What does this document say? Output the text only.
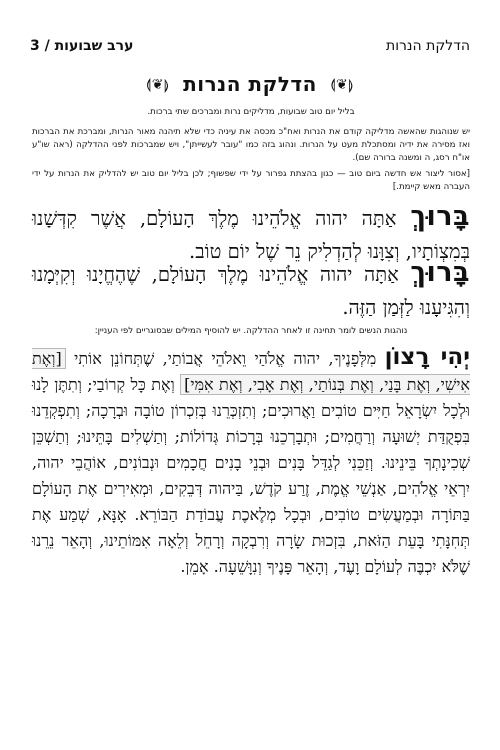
הדלקת הנרות
ערב שבועות / 3
⟬❦⟭ הדלקת הנרות ⟬❦⟭
בליל יום טוב שבועות, מדליקים נרות ומברכים שתי ברכות.
יש שנוהגות שהאשה מדליקה קודם את הנרות ואח"כ מכסה את עיניה כדי שלא תיהנה מאור הנרות, ומברכת את הברכות ואז מסירה את ידיה ומסתכלת מעט על הנרות. ונהוג בזה כמו "עובר לעשייתן", ויש שמברכות לפני ההדלקה (ראה שו"ע או"ח רסג, ה ומשנה ברורה שם).
[אסור ליצור אש חדשה ביום טוב — כגון בהצתת גפרור על ידי שפשוף; לכן בליל יום טוב יש להדליק את הנרות על ידי העברה מאש קיימת.]
בָּרוּךְ אַתָּה יהוה אֱלֹהֵינוּ מֶלֶךְ הָעוֹלָם, אֲשֶׁר קִדְּשָׁנוּ בְּמִצְוֹתָיו, וְצִוָּנוּ לְהַדְלִיק נֵר שֶׁל יוֹם טוֹב.
בָּרוּךְ אַתָּה יהוה אֱלֹהֵינוּ מֶלֶךְ הָעוֹלָם, שֶׁהֶחֱיָנוּ וְקִיְּמָנוּ וְהִגִּיעָנוּ לַזְּמַן הַזֶּה.
נוהגות הנשים לומר תחינה זו לאחר ההדלקה. יש להוסיף המילים שבסוגריים לפי העניין:
יְהִי רָצוֹן מִלְּפָנֶיךָ, יהוה אֱלֹהַי וֵאלֹהֵי אֲבוֹתַי, שֶׁתְּחוֹנֵן אוֹתִי [וְאֶת אִישִׁי, וְאֶת בָּנַי, וְאֶת בְּנוֹתַי, וְאֶת אָבִי, וְאֶת אִמִּי] וְאֶת כָּל קְרוֹבַי; וְתִתֶּן לָנוּ וּלְכָל יִשְׂרָאֵל חַיִּים טוֹבִים וַאֲרוּכִים; וְתִזְכְּרֵנוּ בְּזִכְרוֹן טוֹבָה וּבְרָכָה; וְתִפְקְדֵנוּ בִּפְקֻדַּת יְשׁוּעָה וְרַחֲמִים; וּתְבָרְכֵנוּ בְּרָכוֹת גְּדוֹלוֹת; וְתַשְׁלִים בָּתֵּינוּ; וְתַשְׁכֵּן שְׁכִינָתְךָ בֵּינֵינוּ. וְזַכֵּנִי לְגַדֵּל בָּנִים וּבְנֵי בָנִים חֲכָמִים וּנְבוֹנִים, אוֹהֲבֵי יהוה, יִרְאֵי אֱלֹהִים, אַנְשֵׁי אֱמֶת, זֶרַע קֹדֶשׁ, בַּיהוה דְּבֵקִים, וּמְאִירִים אֶת הָעוֹלָם בַּתּוֹרָה וּבְמַעֲשִׂים טוֹבִים, וּבְכָל מְלֶאכֶת עֲבוֹדַת הַבּוֹרֵא. אָנָּא, שְׁמַע אֶת תְּחִנָּתִי בָּעֵת הַזֹּאת, בִּזְכוּת שָׂרָה וְרִבְקָה וְרָחֵל וְלֵאָה אִמּוֹתֵינוּ, וְהָאֵר נֵרֵנוּ שֶׁלֹּא יִכְבֶּה לְעוֹלָם וָעֶד, וְהָאֵר פָּנֶיךָ וְנִוָּשֵׁעָה. אָמֵן.
